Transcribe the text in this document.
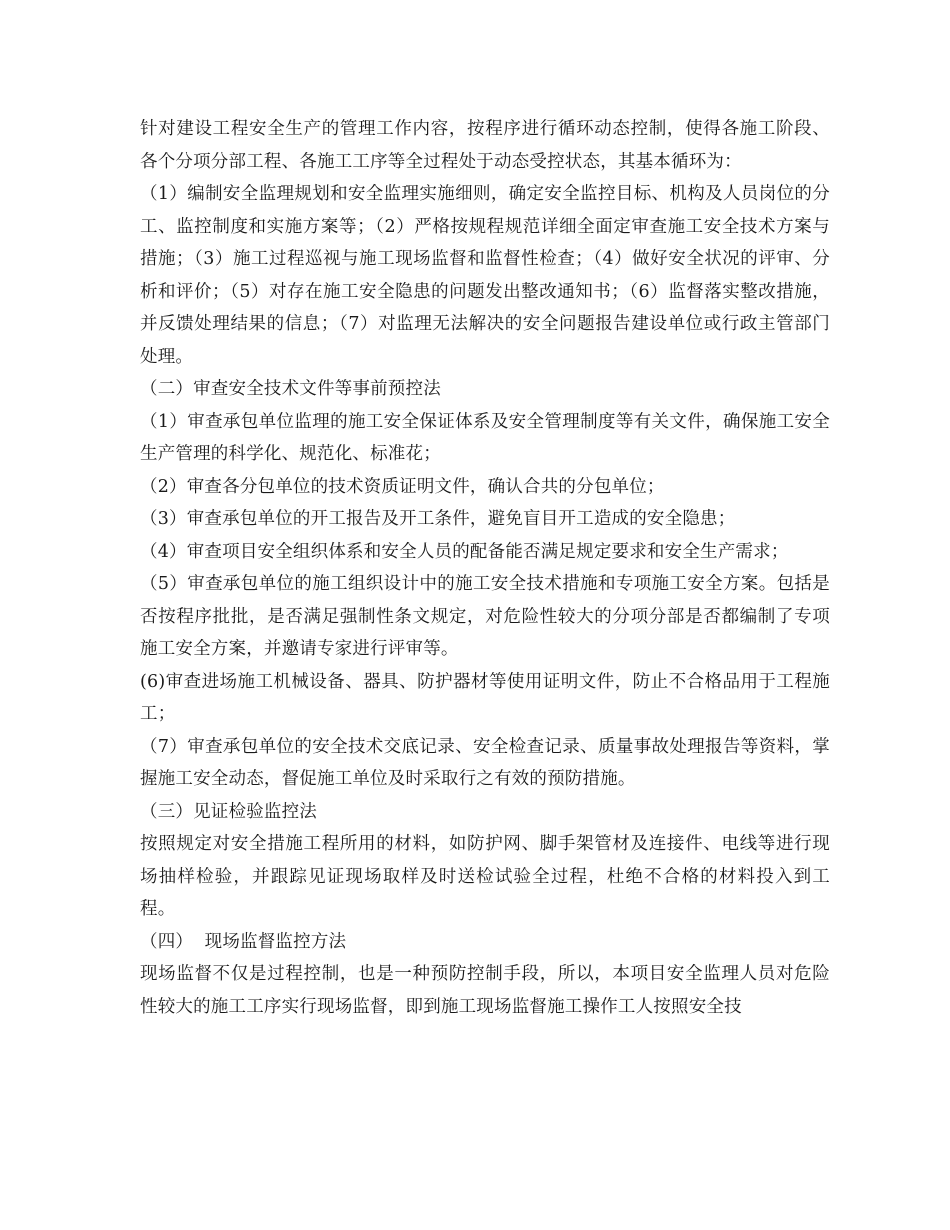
针对建设工程安全生产的管理工作内容，按程序进行循环动态控制，使得各施工阶段、各个分项分部工程、各施工工序等全过程处于动态受控状态，其基本循环为：

（1）编制安全监理规划和安全监理实施细则，确定安全监控目标、机构及人员岗位的分工、监控制度和实施方案等；（2）严格按规程规范详细全面定审查施工安全技术方案与措施；（3）施工过程巡视与施工现场监督和监督性检查；（4）做好安全状况的评审、分析和评价；（5）对存在施工安全隐患的问题发出整改通知书；（6）监督落实整改措施，并反馈处理结果的信息；（7）对监理无法解决的安全问题报告建设单位或行政主管部门处理。

（二）审查安全技术文件等事前预控法

（1）审查承包单位监理的施工安全保证体系及安全管理制度等有关文件，确保施工安全生产管理的科学化、规范化、标准花；

（2）审查各分包单位的技术资质证明文件，确认合共的分包单位；

（3）审查承包单位的开工报告及开工条件，避免盲目开工造成的安全隐患；

（4）审查项目安全组织体系和安全人员的配备能否满足规定要求和安全生产需求；

（5）审查承包单位的施工组织设计中的施工安全技术措施和专项施工安全方案。包括是否按程序批批，是否满足强制性条文规定，对危险性较大的分项分部是否都编制了专项施工安全方案，并邀请专家进行评审等。

(6)审查进场施工机械设备、器具、防护器材等使用证明文件，防止不合格品用于工程施工；

（7）审查承包单位的安全技术交底记录、安全检查记录、质量事故处理报告等资料，掌握施工安全动态，督促施工单位及时采取行之有效的预防措施。

（三）见证检验监控法

按照规定对安全措施工程所用的材料，如防护网、脚手架管材及连接件、电线等进行现场抽样检验，并跟踪见证现场取样及时送检试验全过程，杜绝不合格的材料投入到工程。

（四）  现场监督监控方法

现场监督不仅是过程控制，也是一种预防控制手段，所以，本项目安全监理人员对危险性较大的施工工序实行现场监督，即到施工现场监督施工操作工人按照安全技
